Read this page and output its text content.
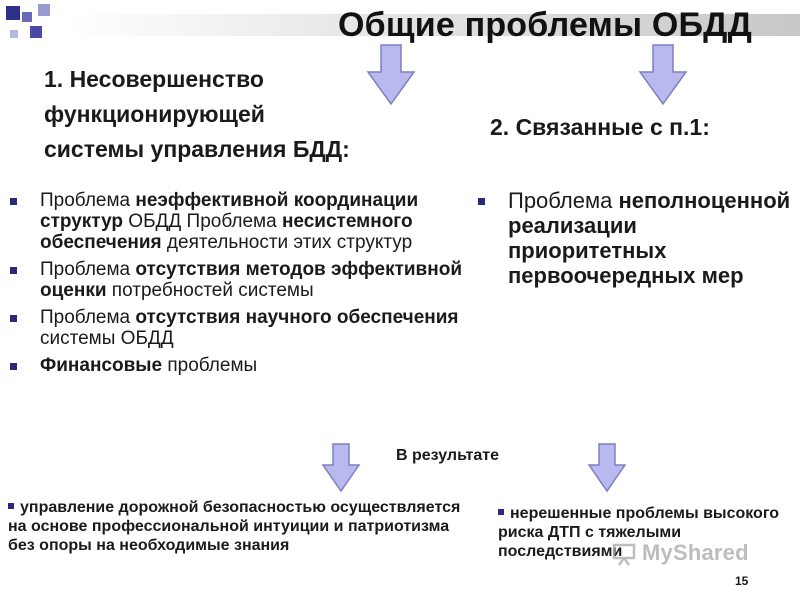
Общие проблемы ОБДД
1. Несовершенство
функционирующей
системы управления БДД:
2. Связанные с п.1:
Проблема неэффективной координации структур ОБДД Проблема несистемного обеспечения деятельности этих структур
Проблема отсутствия методов эффективной оценки потребностей системы
Проблема отсутствия научного обеспечения системы ОБДД
Финансовые проблемы
Проблема неполноценной реализации приоритетных первоочередных мер
В результате
управление дорожной безопасностью осуществляется на основе профессиональной интуиции и патриотизма без опоры на необходимые знания
нерешенные проблемы высокого риска ДТП с тяжелыми последствиями MyShared
15
